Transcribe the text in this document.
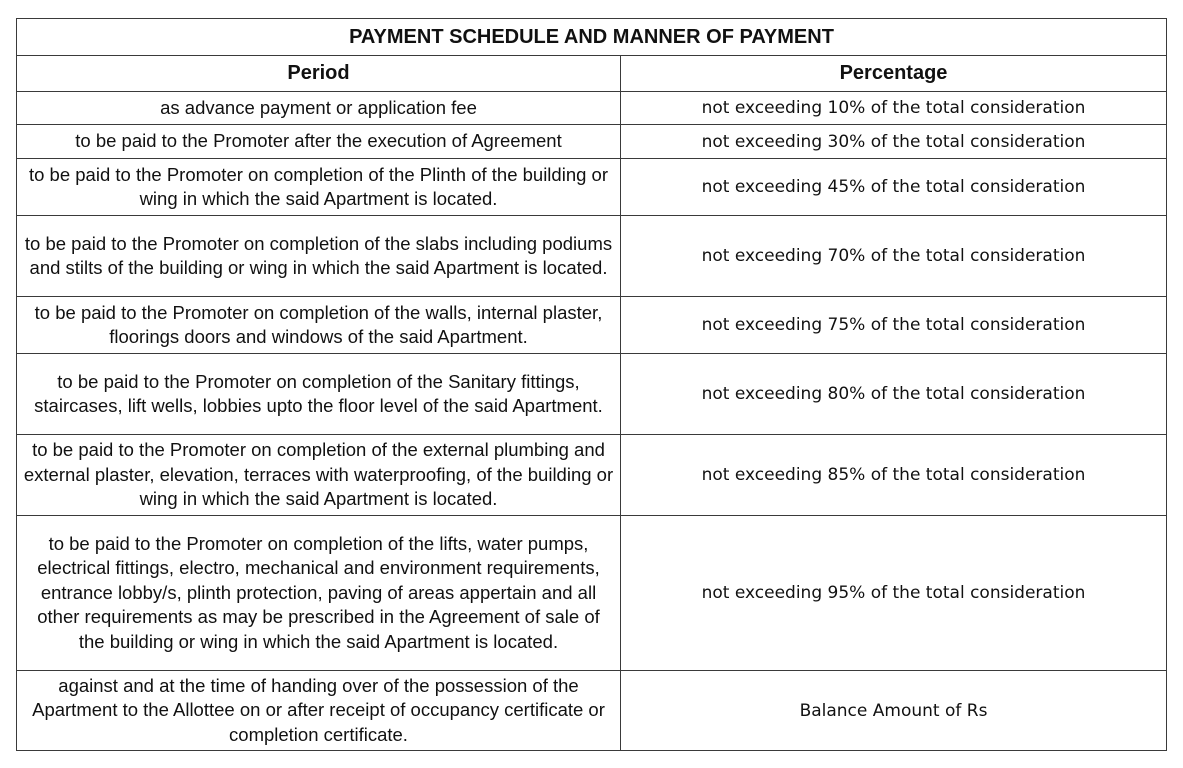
PAYMENT SCHEDULE AND MANNER OF PAYMENT	
Period	Percentage
as advance payment or application fee	not exceeding 10% of the total consideration
to be paid to the Promoter after the execution of Agreement	not exceeding 30% of the total consideration
to be paid to the Promoter on completion of the Plinth of the building or wing in which the said Apartment is located.	not exceeding 45% of the total consideration
to be paid to the Promoter on completion of the slabs including podiums and stilts of the building or wing in which the said Apartment is located.	not exceeding 70% of the total consideration
to be paid to the Promoter on completion of the walls, internal plaster, floorings doors and windows of the said Apartment.	not exceeding 75% of the total consideration
to be paid to the Promoter on completion of the Sanitary fittings, staircases, lift wells, lobbies upto the floor level of the said Apartment.	not exceeding 80% of the total consideration
to be paid to the Promoter on completion of the external plumbing and external plaster, elevation, terraces with waterproofing, of the building or wing in which the said Apartment is located.	not exceeding 85% of the total consideration
to be paid to the Promoter on completion of the lifts, water pumps, electrical fittings, electro, mechanical and environment requirements, entrance lobby/s, plinth protection, paving of areas appertain and all other requirements as may be prescribed in the Agreement of sale of the building or wing in which the said Apartment is located.	not exceeding 95% of the total consideration
against and at the time of handing over of the possession of the Apartment to the Allottee on or after receipt of occupancy certificate or completion certificate.	Balance Amount of Rs
